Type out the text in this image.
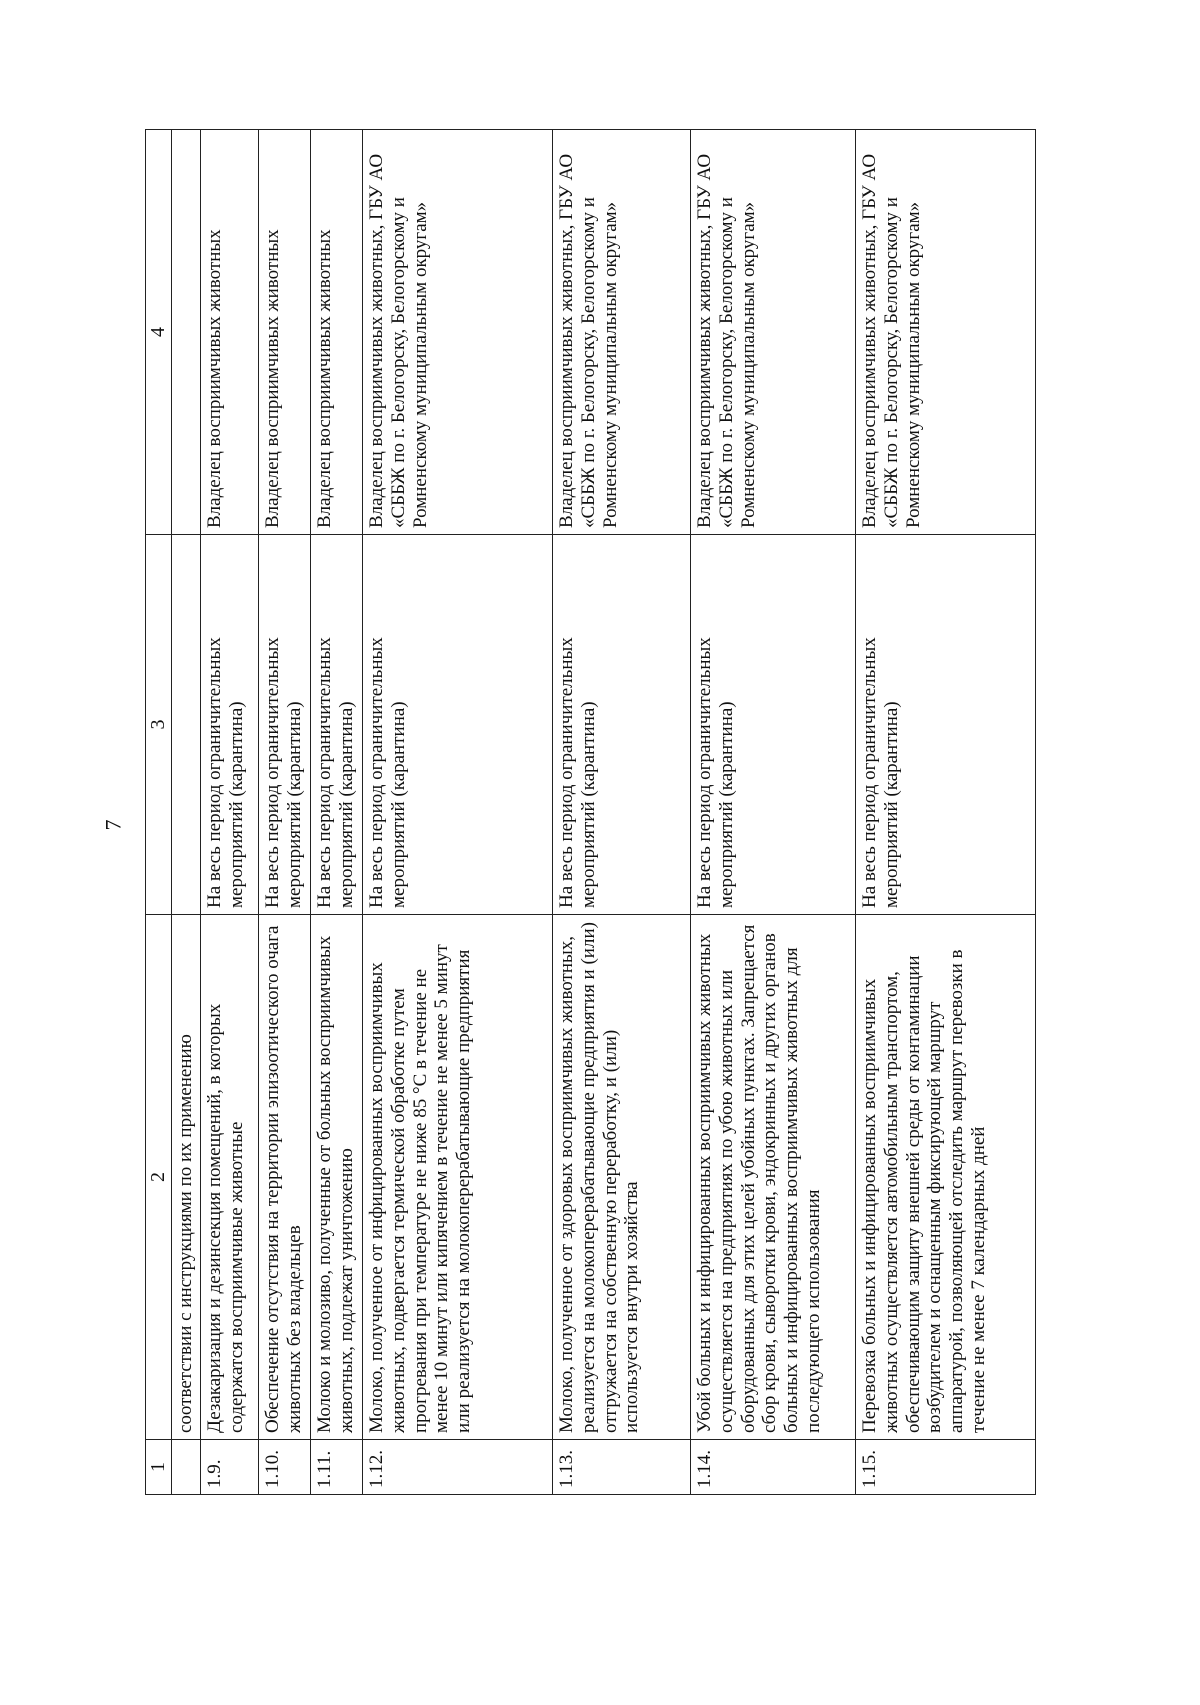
7
1	2	3	4
	соответствии с инструкциями по их применению		
1.9.	Дезакаризация и дезинсекция помещений, в которых содержатся восприимчивые животные	На весь период ограничительных мероприятий (карантина)	Владелец восприимчивых животных
1.10.	Обеспечение отсутствия на территории эпизоотического очага животных без владельцев	На весь период ограничительных мероприятий (карантина)	Владелец восприимчивых животных
1.11.	Молоко и молозиво, полученные от больных восприимчивых животных, подлежат уничтожению	На весь период ограничительных мероприятий (карантина)	Владелец восприимчивых животных
1.12.	Молоко, полученное от инфицированных восприимчивых животных, подвергается термической обработке путем прогревания при температуре не ниже 85 °С в течение не менее 10 минут или кипячением в течение не менее 5 минут или реализуется на молокоперерабатывающие предприятия	На весь период ограничительных мероприятий (карантина)	Владелец восприимчивых животных, ГБУ АО «СББЖ по г. Белогорску, Белогорскому и Ромненскому муниципальным округам»
1.13.	Молоко, полученное от здоровых восприимчивых животных, реализуется на молокоперерабатывающие предприятия и (или) отгружается на собственную переработку, и (или) используется внутри хозяйства	На весь период ограничительных мероприятий (карантина)	Владелец восприимчивых животных, ГБУ АО «СББЖ по г. Белогорску, Белогорскому и Ромненскому муниципальным округам»
1.14.	Убой больных и инфицированных восприимчивых животных осуществляется на предприятиях по убою животных или оборудованных для этих целей убойных пунктах. Запрещается сбор крови, сыворотки крови, эндокринных и других органов больных и инфицированных восприимчивых животных для последующего использования	На весь период ограничительных мероприятий (карантина)	Владелец восприимчивых животных, ГБУ АО «СББЖ по г. Белогорску, Белогорскому и Ромненскому муниципальным округам»
1.15.	Перевозка больных и инфицированных восприимчивых животных осуществляется автомобильным транспортом, обеспечивающим защиту внешней среды от контаминации возбудителем и оснащенным фиксирующей маршрут аппаратурой, позволяющей отследить маршрут перевозки в течение не менее 7 календарных дней	На весь период ограничительных мероприятий (карантина)	Владелец восприимчивых животных, ГБУ АО «СББЖ по г. Белогорску, Белогорскому и Ромненскому муниципальным округам»
